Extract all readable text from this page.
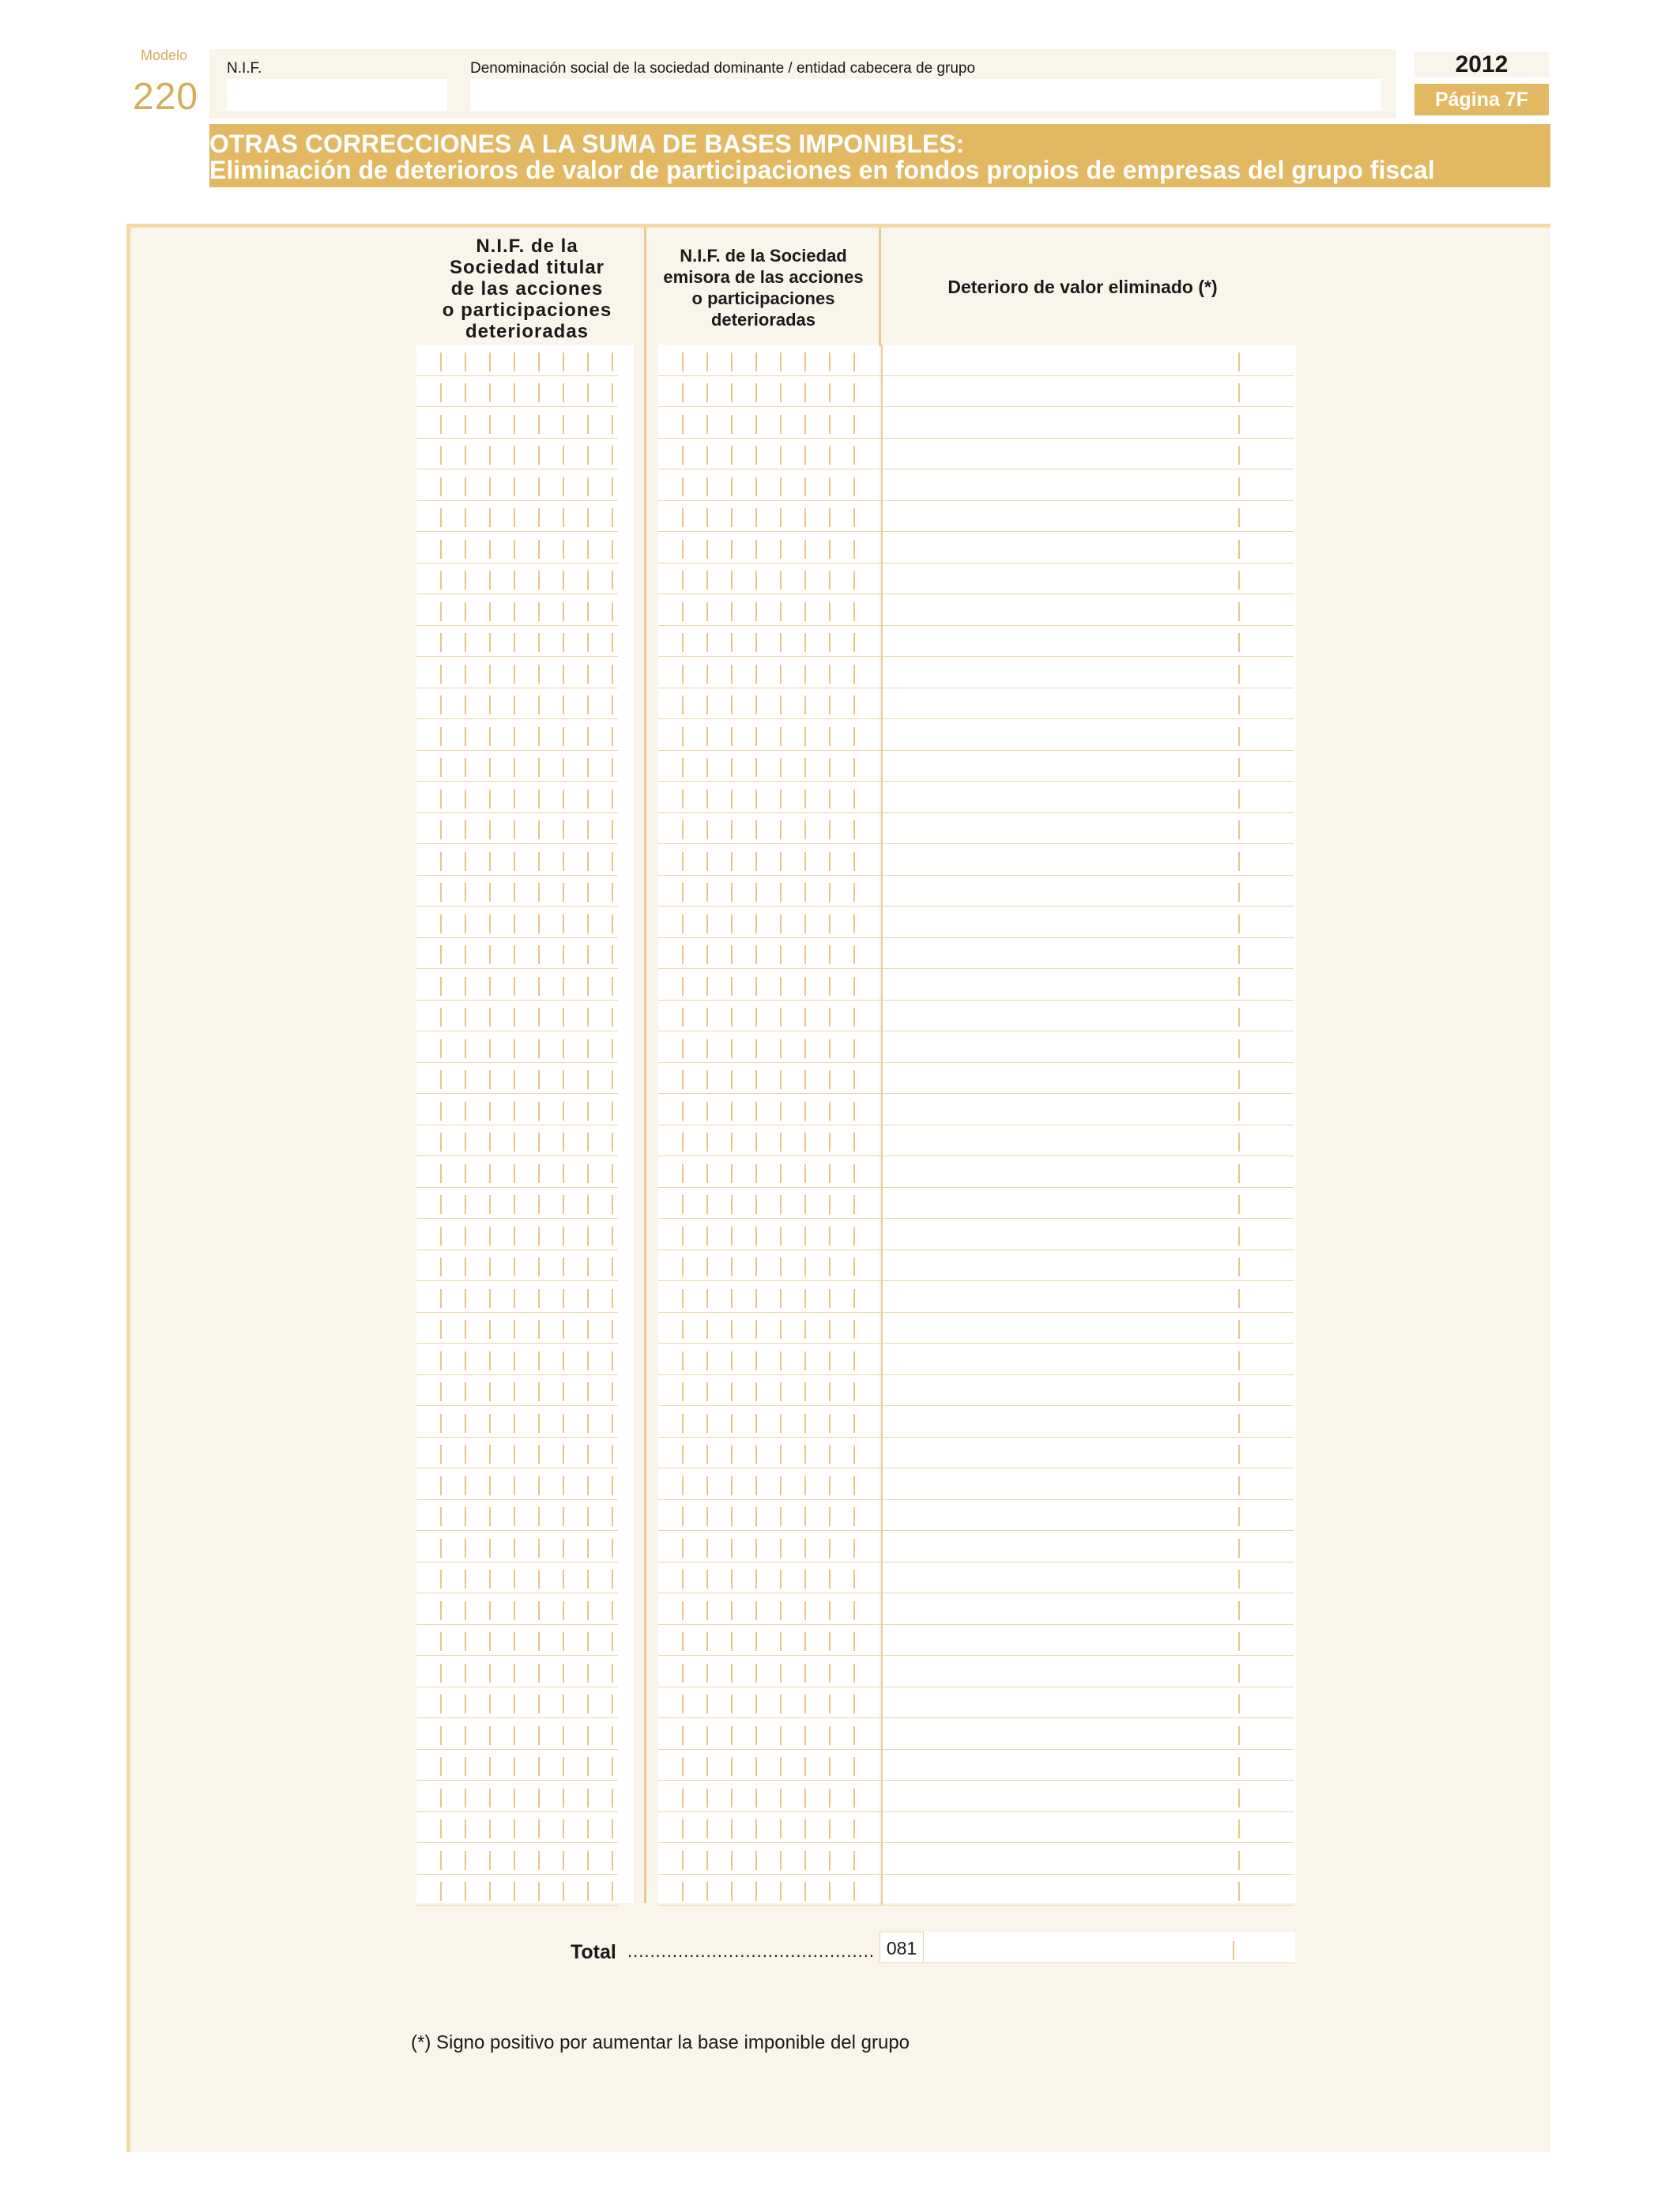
Modelo
220
N.I.F.	Denominación social de la sociedad dominante / entidad cabecera de grupo	2012
Página 7F
OTRAS CORRECCIONES A LA SUMA DE BASES IMPONIBLES:
Eliminación de deterioros de valor de participaciones en fondos propios de empresas del grupo fiscal
N.I.F. de la
Sociedad titular
de las acciones
o participaciones
deterioradas
N.I.F. de la Sociedad
emisora de las acciones
o participaciones
deterioradas
Deterioro de valor eliminado (*)
Total ............................................ 081
(*) Signo positivo por aumentar la base imponible del grupo
